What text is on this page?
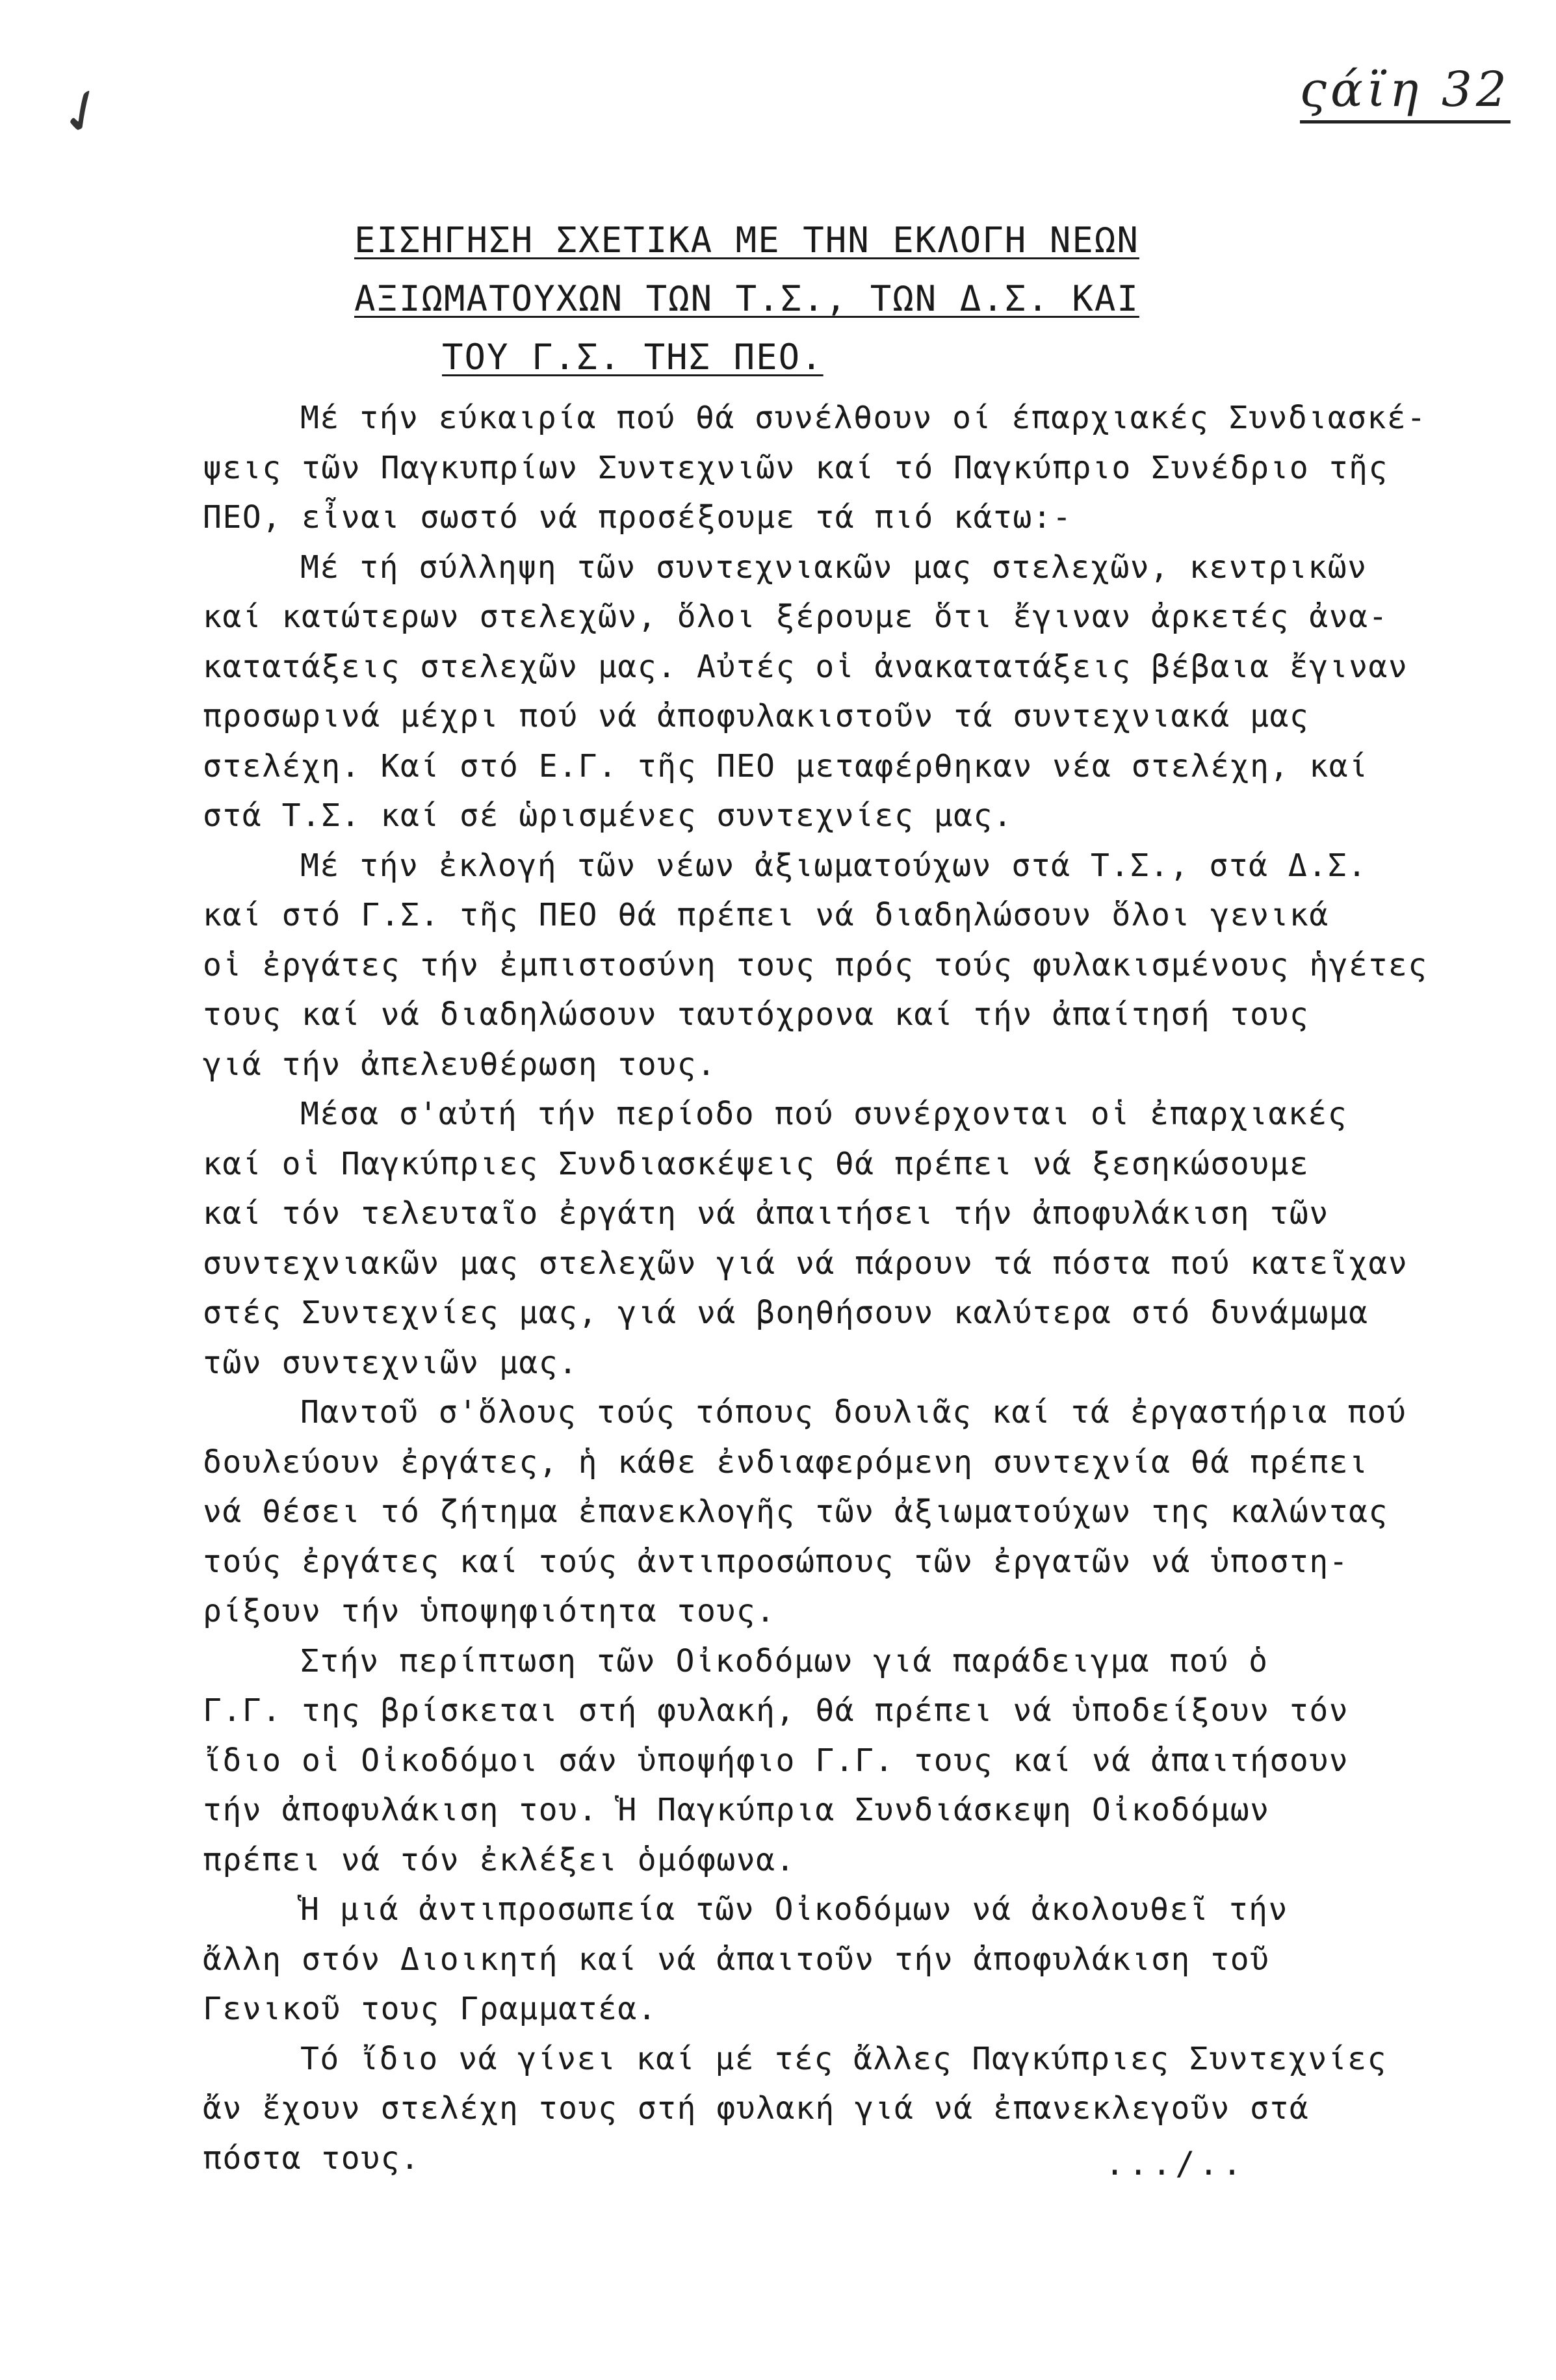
✓	ςάϊη 32
ΕΙΣΗΓΗΣΗ ΣΧΕΤΙΚΑ ΜΕ ΤΗΝ ΕΚΛΟΓΗ ΝΕΩΝ
ΑΞΙΩΜΑΤΟΥΧΩΝ ΤΩΝ Τ.Σ., ΤΩΝ Δ.Σ. ΚΑΙ
ΤΟΥ Γ.Σ. ΤΗΣ ΠΕΟ.
Μέ τήν εύκαιρία πού θά συνέλθουν οί έπαρχιακές Συνδιασκέ-
ψεις τῶν Παγκυπρίων Συντεχνιῶν καί τό Παγκύπριο Συνέδριο τῆς
ΠΕΟ, εἶναι σωστό νά προσέξουμε τά πιό κάτω:-
Μέ τή σύλληψη τῶν συντεχνιακῶν μας στελεχῶν, κεντρικῶν
καί κατώτερων στελεχῶν, ὅλοι ξέρουμε ὅτι ἔγιναν ἀρκετές ἀνα-
κατατάξεις στελεχῶν μας. Αὐτές οἱ ἀνακατατάξεις βέβαια ἔγιναν
προσωρινά μέχρι πού νά ἀποφυλακιστοῦν τά συντεχνιακά μας
στελέχη. Καί στό Ε.Γ. τῆς ΠΕΟ μεταφέρθηκαν νέα στελέχη, καί
στά Τ.Σ. καί σέ ὡρισμένες συντεχνίες μας.
Μέ τήν ἐκλογή τῶν νέων ἀξιωματούχων στά Τ.Σ., στά Δ.Σ.
καί στό Γ.Σ. τῆς ΠΕΟ θά πρέπει νά διαδηλώσουν ὅλοι γενικά
οἱ ἐργάτες τήν ἐμπιστοσύνη τους πρός τούς φυλακισμένους ἡγέτες
τους καί νά διαδηλώσουν ταυτόχρονα καί τήν ἀπαίτησή τους
γιά τήν ἀπελευθέρωση τους.
Μέσα σ'αὐτή τήν περίοδο πού συνέρχονται οἱ ἐπαρχιακές
καί οἱ Παγκύπριες Συνδιασκέψεις θά πρέπει νά ξεσηκώσουμε
καί τόν τελευταῖο ἐργάτη νά ἀπαιτήσει τήν ἀποφυλάκιση τῶν
συντεχνιακῶν μας στελεχῶν γιά νά πάρουν τά πόστα πού κατεῖχαν
στές Συντεχνίες μας, γιά νά βοηθήσουν καλύτερα στό δυνάμωμα
τῶν συντεχνιῶν μας.
Παντοῦ σ'ὅλους τούς τόπους δουλιᾶς καί τά ἐργαστήρια πού
δουλεύουν ἐργάτες, ἡ κάθε ἐνδιαφερόμενη συντεχνία θά πρέπει
νά θέσει τό ζήτημα ἐπανεκλογῆς τῶν ἀξιωματούχων της καλώντας
τούς ἐργάτες καί τούς ἀντιπροσώπους τῶν ἐργατῶν νά ὑποστη-
ρίξουν τήν ὑποψηφιότητα τους.
Στήν περίπτωση τῶν Οἰκοδόμων γιά παράδειγμα πού ὁ
Γ.Γ. της βρίσκεται στή φυλακή, θά πρέπει νά ὑποδείξουν τόν
ἴδιο οἱ Οἰκοδόμοι σάν ὑποψήφιο Γ.Γ. τους καί νά ἀπαιτήσουν
τήν ἀποφυλάκιση του. Ἡ Παγκύπρια Συνδιάσκεψη Οἰκοδόμων
πρέπει νά τόν ἐκλέξει ὁμόφωνα.
Ἡ μιά ἀντιπροσωπεία τῶν Οἰκοδόμων νά ἀκολουθεῖ τήν
ἄλλη στόν Διοικητή καί νά ἀπαιτοῦν τήν ἀποφυλάκιση τοῦ
Γενικοῦ τους Γραμματέα.
Τό ἴδιο νά γίνει καί μέ τές ἄλλες Παγκύπριες Συντεχνίες
ἄν ἔχουν στελέχη τους στή φυλακή γιά νά ἐπανεκλεγοῦν στά
πόστα τους.	.../..
